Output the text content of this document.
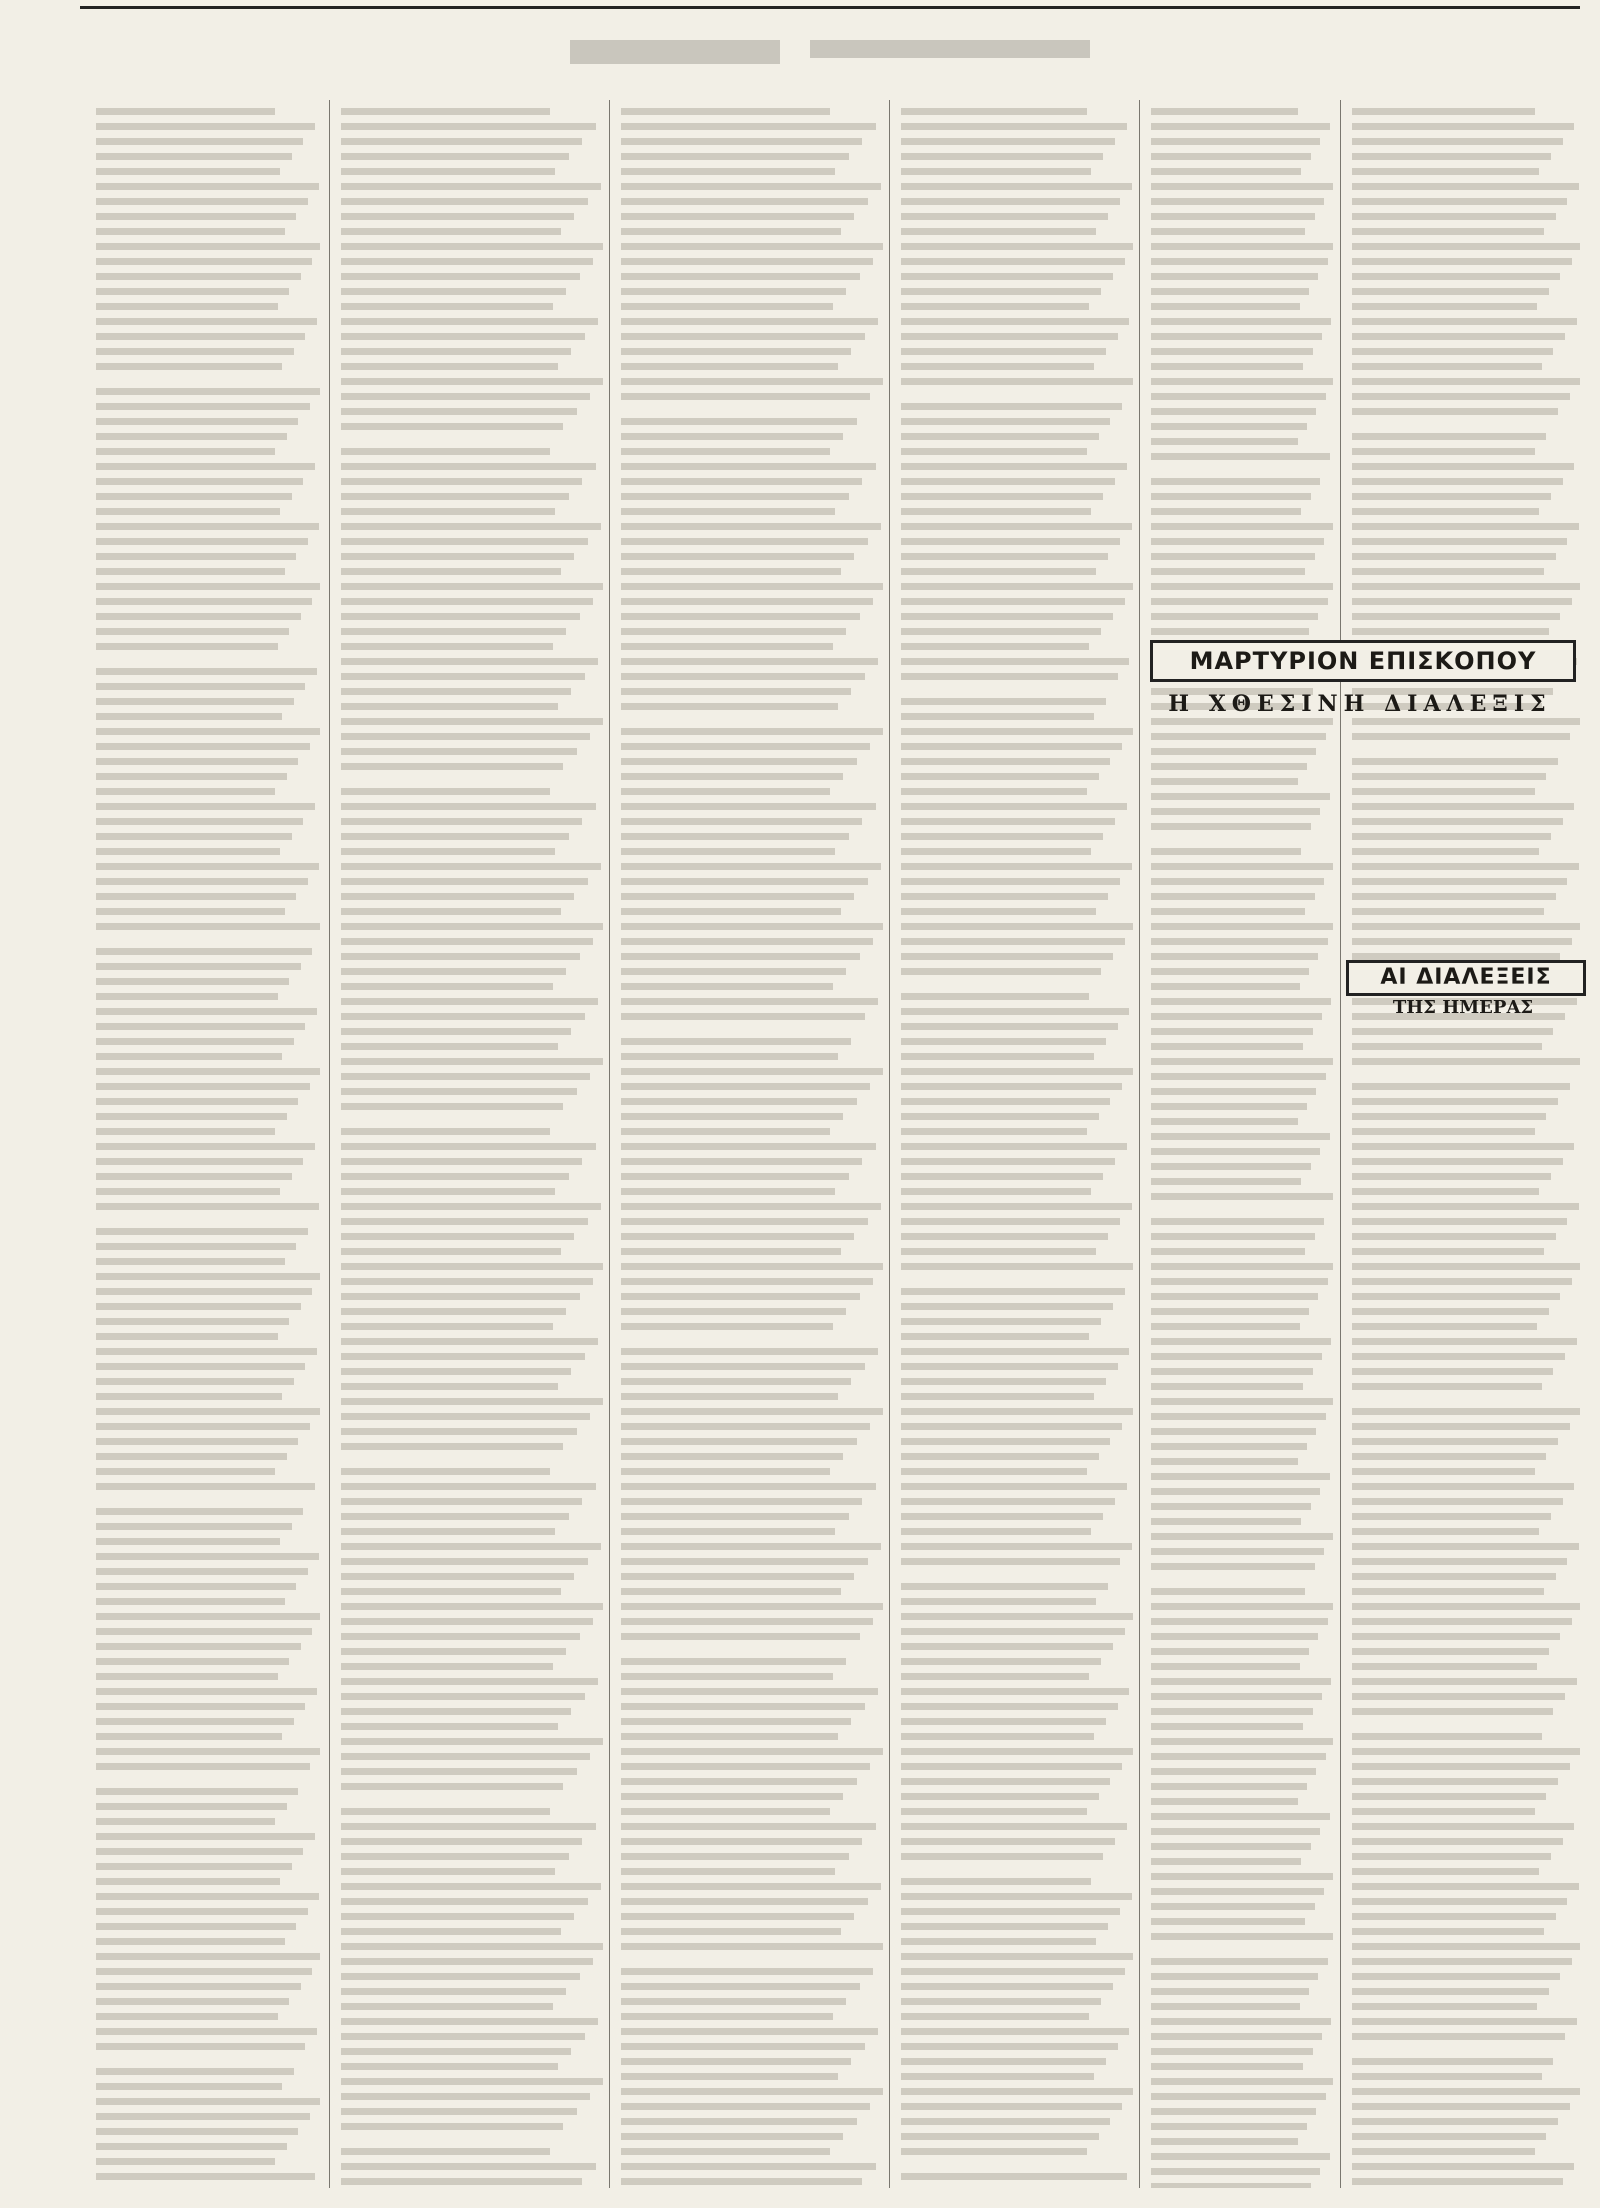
ΜΑΡΤΥΡΙΟΝ ΕΠΙΣΚΟΠΟΥ
Η ΧΘΕΣΙΝΗ ΔΙΑΛΕΞΙΣ
ΑΙ ΔΙΑΛΕΞΕΙΣ
ΤΗΣ ΗΜΕΡΑΣ
